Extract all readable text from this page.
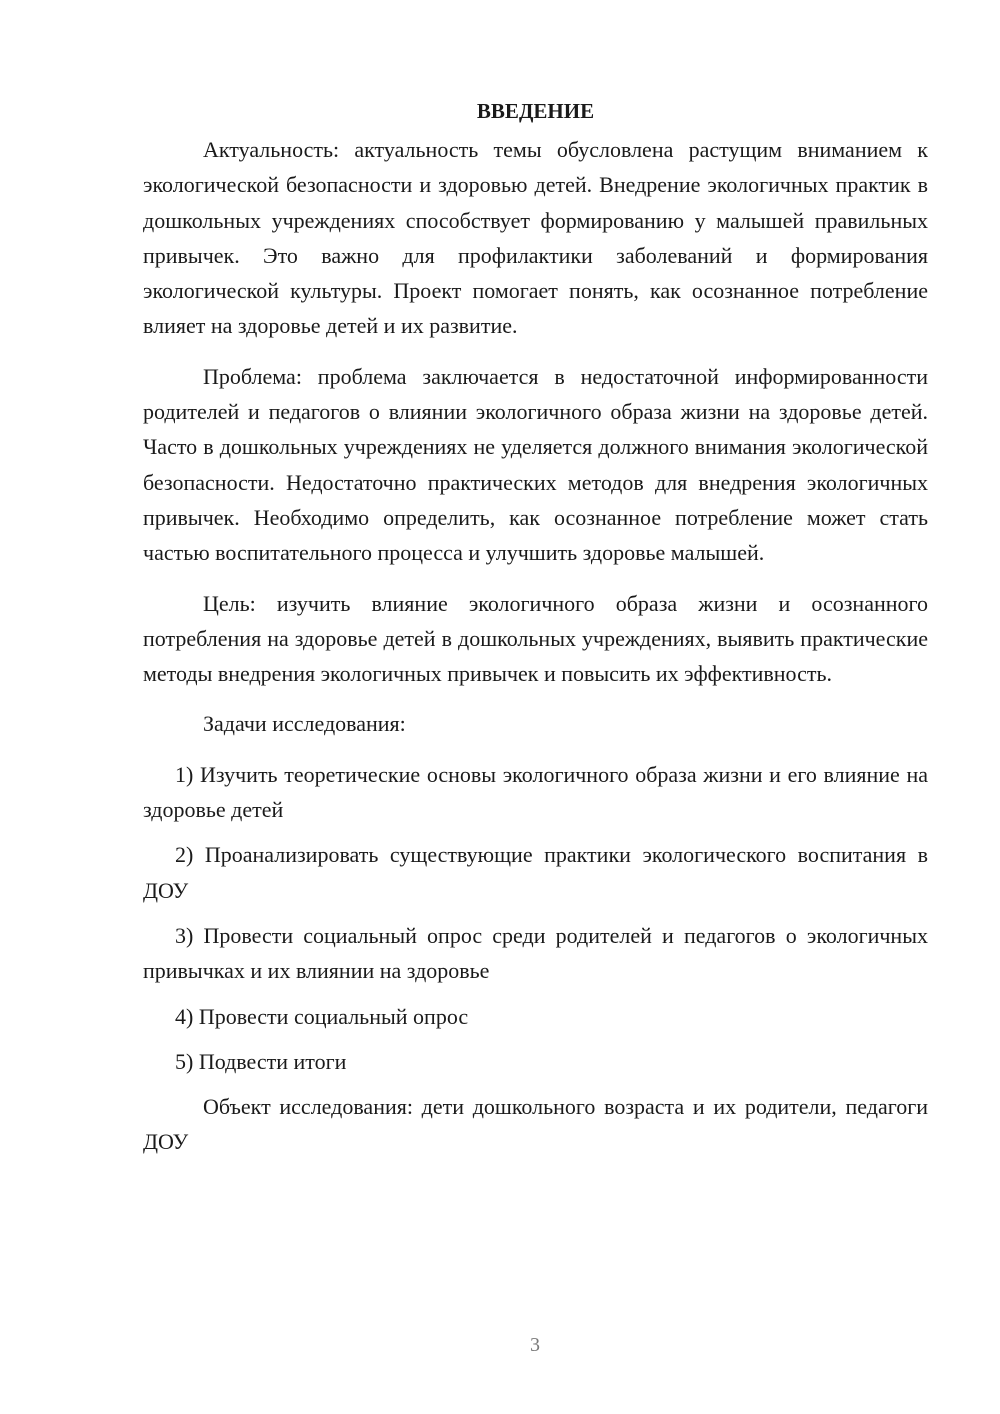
ВВЕДЕНИЕ

Актуальность: актуальность темы обусловлена растущим вниманием к экологической безопасности и здоровью детей. Внедрение экологичных практик в дошкольных учреждениях способствует формированию у малышей правильных привычек. Это важно для профилактики заболеваний и формирования экологической культуры. Проект помогает понять, как осознанное потребление влияет на здоровье детей и их развитие.

Проблема: проблема заключается в недостаточной информированности родителей и педагогов о влиянии экологичного образа жизни на здоровье детей. Часто в дошкольных учреждениях не уделяется должного внимания экологической безопасности. Недостаточно практических методов для внедрения экологичных привычек. Необходимо определить, как осознанное потребление может стать частью воспитательного процесса и улучшить здоровье малышей.

Цель: изучить влияние экологичного образа жизни и осознанного потребления на здоровье детей в дошкольных учреждениях, выявить практические методы внедрения экологичных привычек и повысить их эффективность.

Задачи исследования:

1) Изучить теоретические основы экологичного образа жизни и его влияние на здоровье детей

2) Проанализировать существующие практики экологического воспитания в ДОУ

3) Провести социальный опрос среди родителей и педагогов о экологичных привычках и их влиянии на здоровье

4) Провести социальный опрос

5) Подвести итоги

Объект исследования: дети дошкольного возраста и их родители, педагоги ДОУ

3
